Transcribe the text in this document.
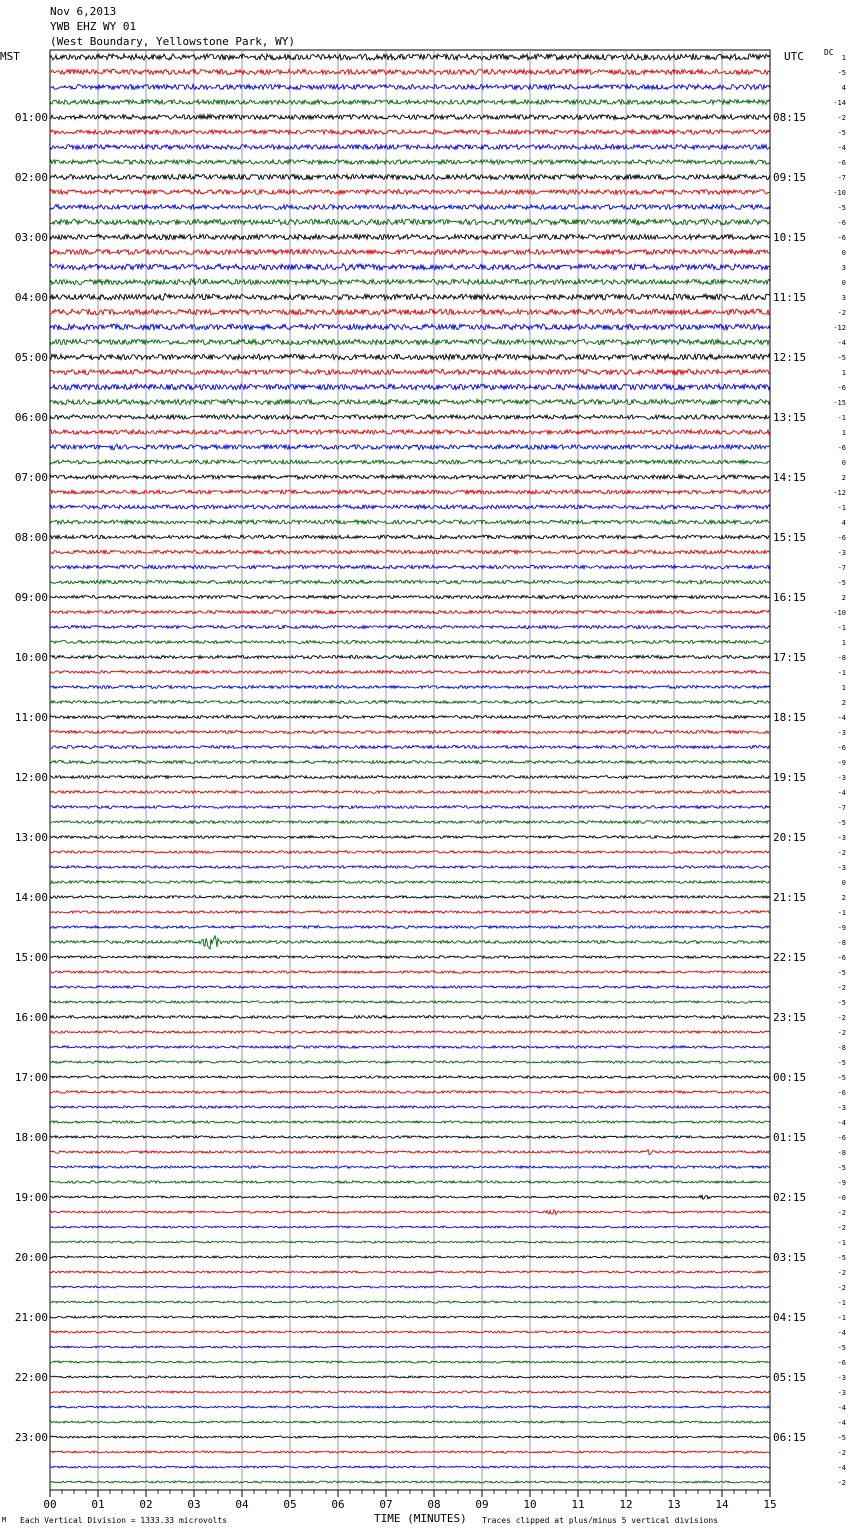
Nov 6,2013
YWB EHZ WY 01
(West Boundary, Yellowstone Park, WY)
MST	UTC	DC
1
-5
4
-14
-2
-5
-4
-6
-7
-10
-5
-6
-6
0
3
0
3
-2
-12
-4
-5
1
-6
-15
-1
1
-6
0
2
-12
-1
4
-6
-3
-7
-5
2
-10
-1
1
-8
-1
1
2
-4
-3
-6
-9
-3
-4
-7
-5
-3
-2
-3
0
2
-1
-9
-8
-6
-5
-2
-5
-2
-2
-8
-5
-5
-6
-3
-4
-6
-8
-5
-9
-0
-2
-2
-1
-5
-2
-2
-1
-1
-4
-5
-6
-3
-3
-4
-4
-5
-2
-4
-2
01:00	08:15
02:00	09:15
03:00	10:15
04:00	11:15
05:00	12:15
06:00	13:15
07:00	14:15
08:00	15:15
09:00	16:15
10:00	17:15
11:00	18:15
12:00	19:15
13:00	20:15
14:00	21:15
15:00	22:15
16:00	23:15
17:00	00:15
18:00	01:15
19:00	02:15
20:00	03:15
21:00	04:15
22:00	05:15
23:00	06:15
00	01	02	03	04	05	06	07	08	09	10	11	12	13	14	15
M Each Vertical Division = 1333.33 microvolts	TIME (MINUTES) Traces clipped at plus/minus 5 vertical divisions
